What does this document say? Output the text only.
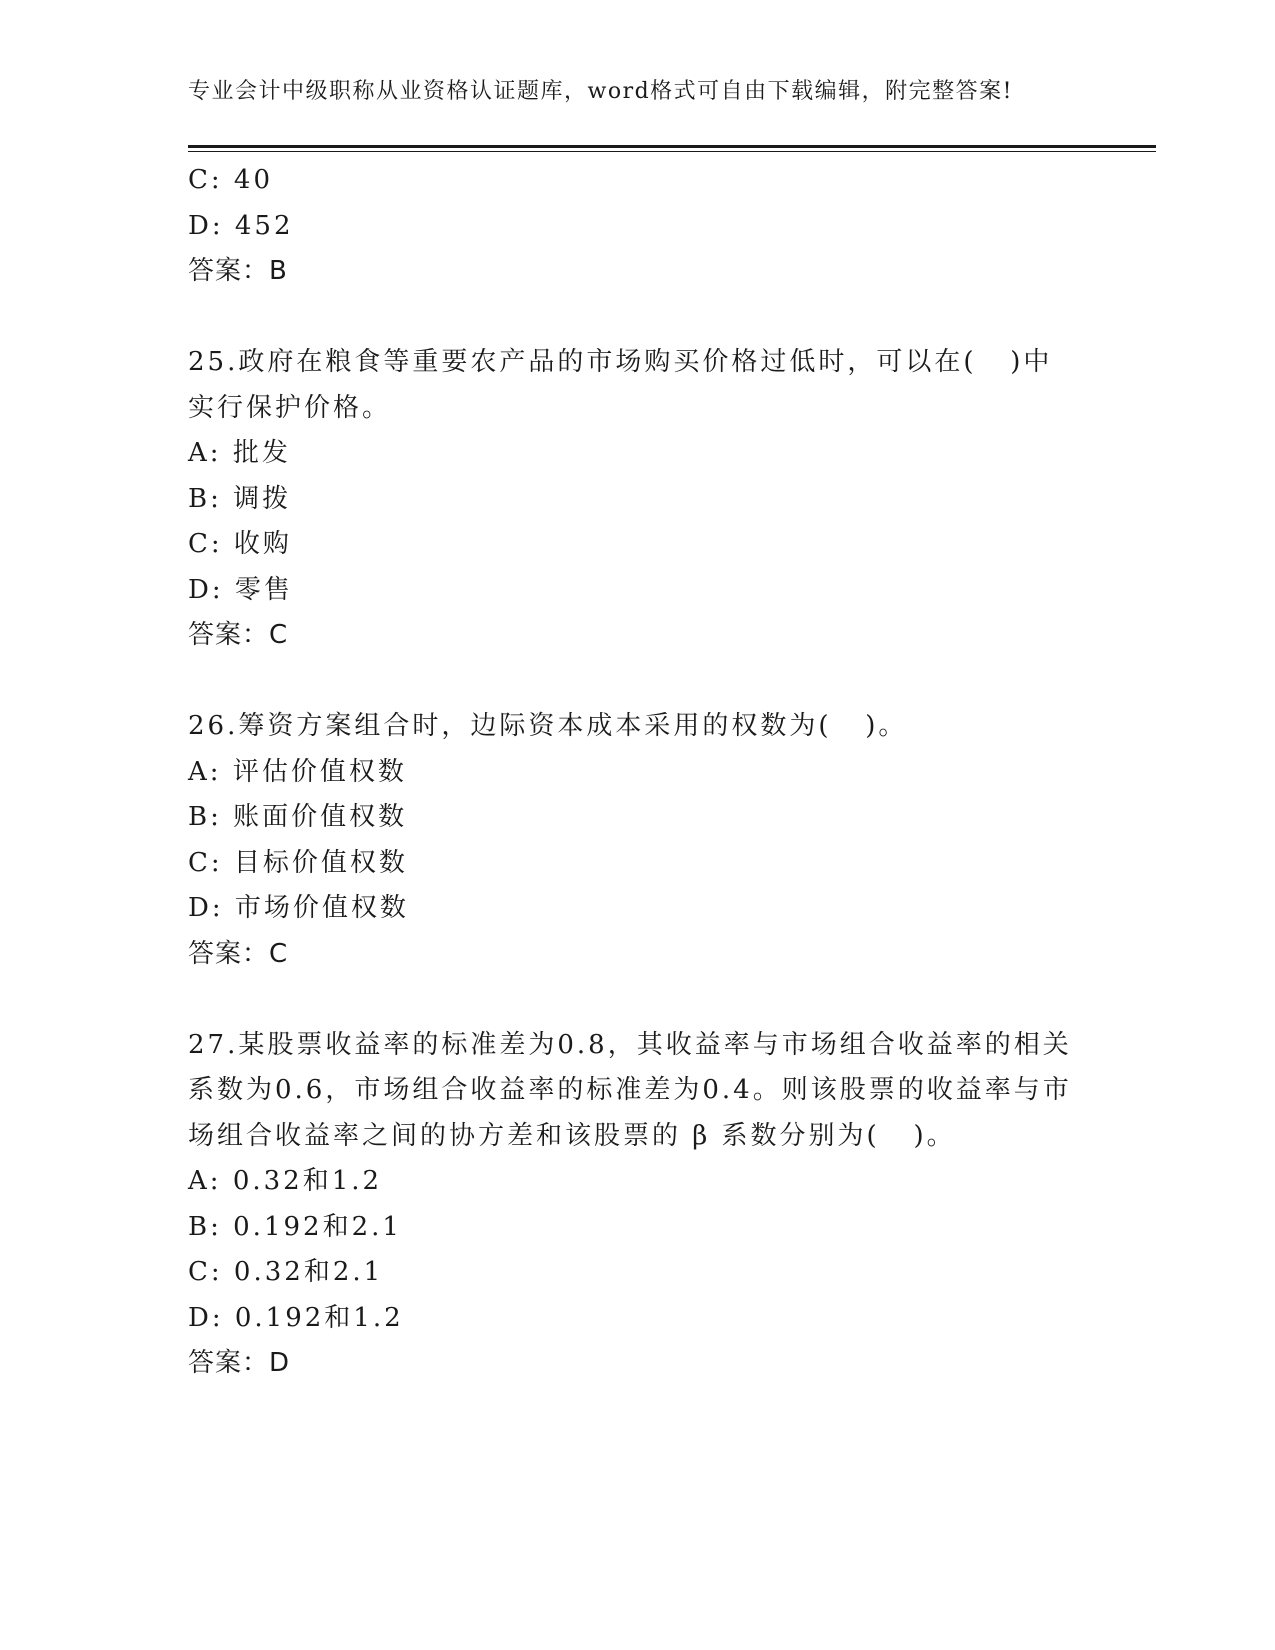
专业会计中级职称从业资格认证题库，word格式可自由下载编辑，附完整答案!
C: 40
D: 452
答案：B
25.政府在粮食等重要农产品的市场购买价格过低时，可以在(   )中
实行保护价格。
A: 批发
B: 调拨
C: 收购
D: 零售
答案：C
26.筹资方案组合时，边际资本成本采用的权数为(   )。
A: 评估价值权数
B: 账面价值权数
C: 目标价值权数
D: 市场价值权数
答案：C
27.某股票收益率的标准差为0.8，其收益率与市场组合收益率的相关
系数为0.6，市场组合收益率的标准差为0.4。则该股票的收益率与市
场组合收益率之间的协方差和该股票的 β 系数分别为(   )。
A: 0.32和1.2
B: 0.192和2.1
C: 0.32和2.1
D: 0.192和1.2
答案：D
